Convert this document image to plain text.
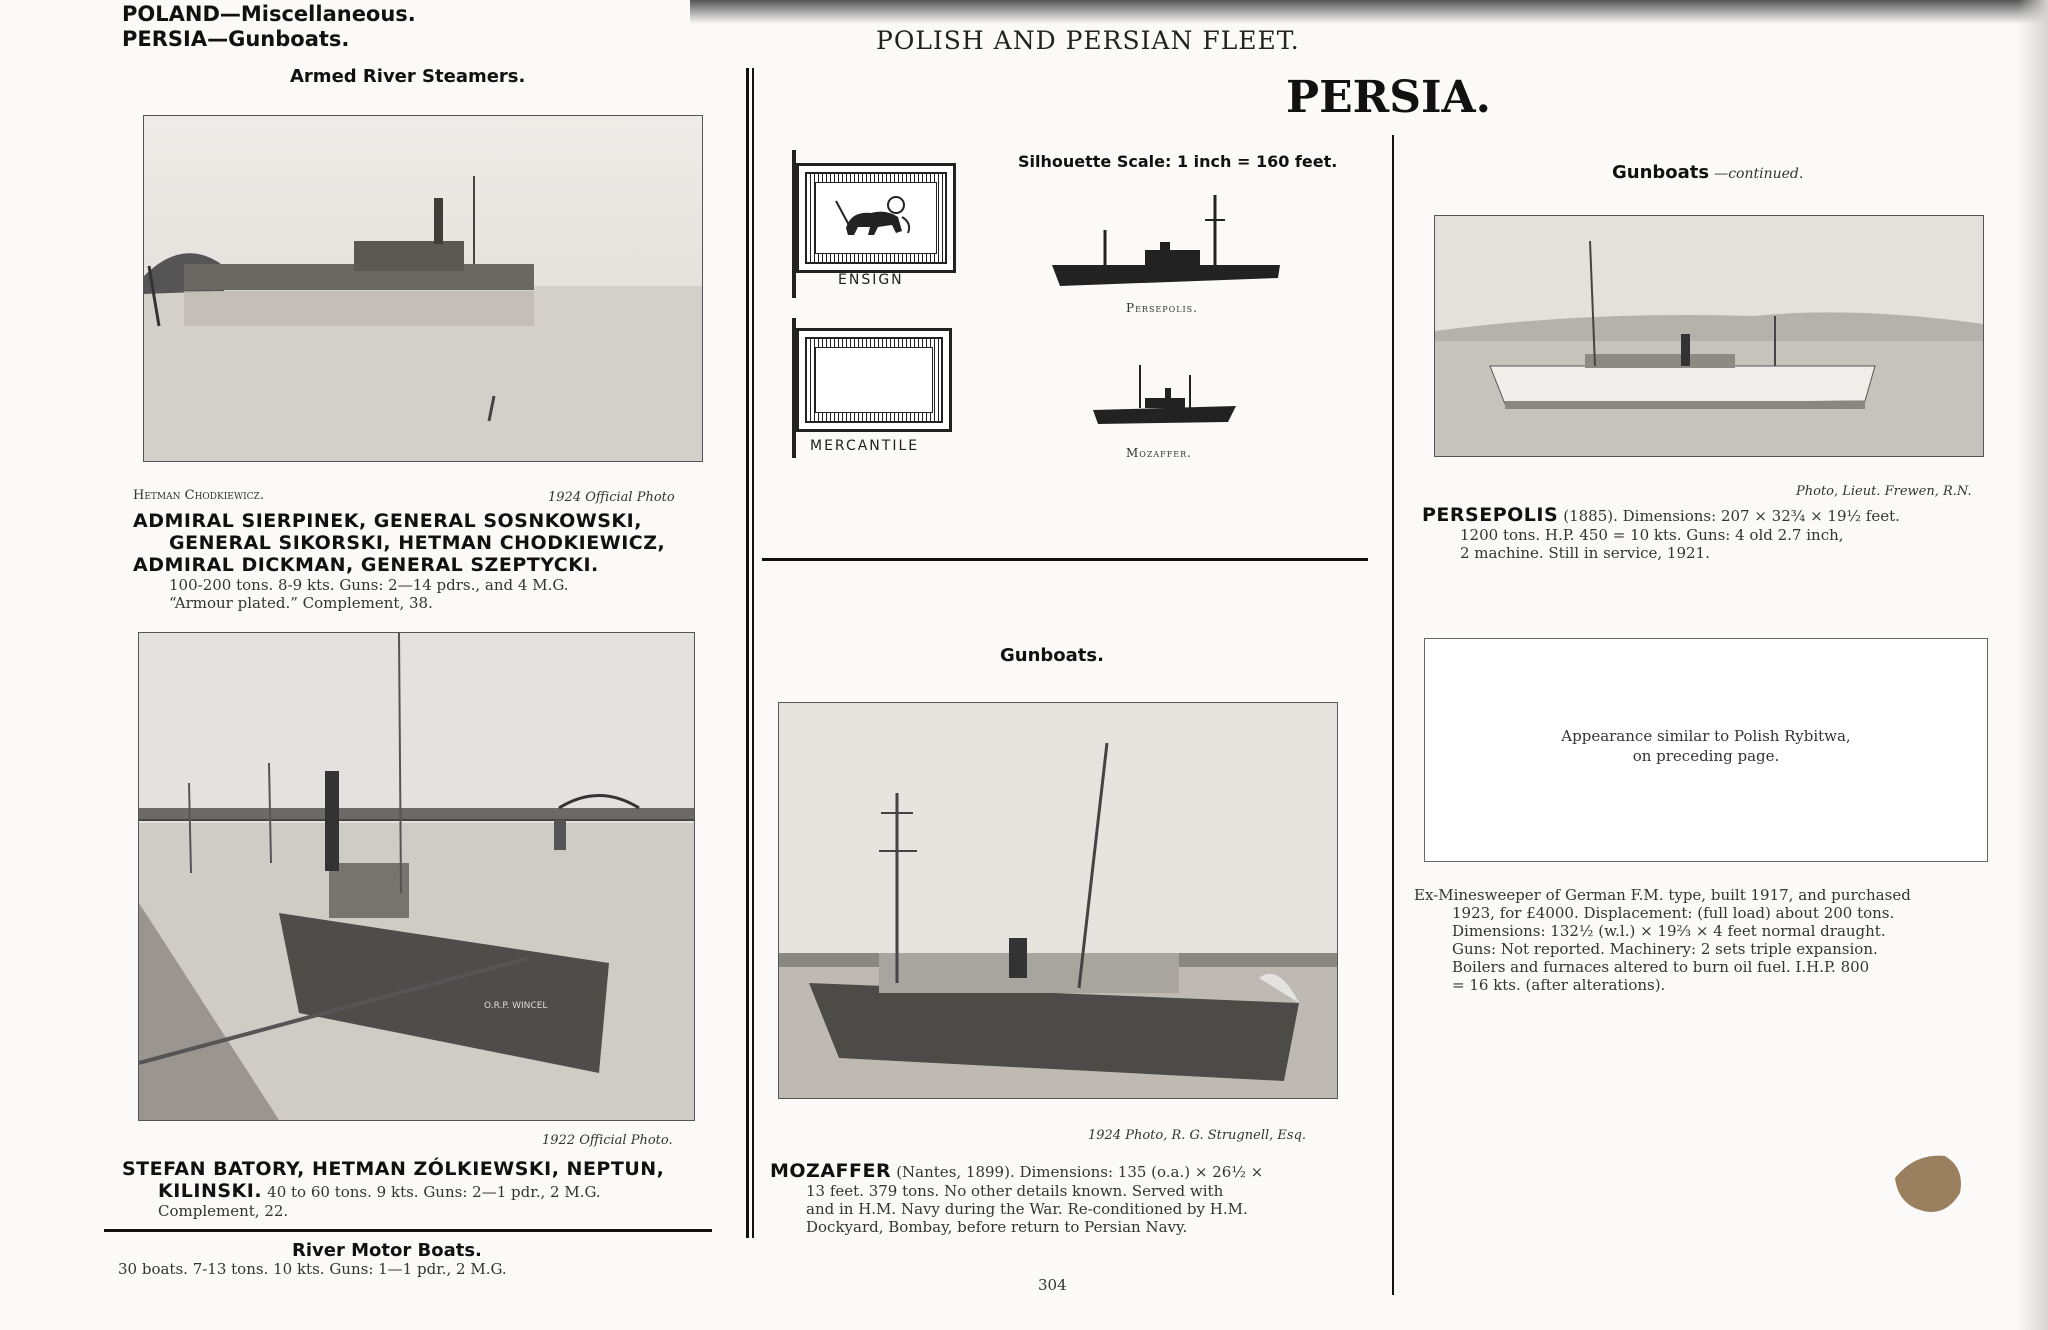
POLAND—Miscellaneous.
PERSIA—Gunboats.	POLISH AND PERSIAN FLEET.
PERSIA.
Armed River Steamers.
Hetman Chodkiewicz.	1924 Official Photo
ADMIRAL SIERPINEK, GENERAL SOSNKOWSKI,
GENERAL SIKORSKI, HETMAN CHODKIEWICZ,
ADMIRAL DICKMAN, GENERAL SZEPTYCKI.
100-200 tons. 8-9 kts. Guns: 2—14 pdrs., and 4 M.G.
“Armour plated.” Complement, 38.
O.R.P. WINCEL
1922 Official Photo.
STEFAN BATORY, HETMAN ZÓLKIEWSKI, NEPTUN,
KILINSKI. 40 to 60 tons. 9 kts. Guns: 2—1 pdr., 2 M.G.
Complement, 22.
River Motor Boats.
30 boats. 7-13 tons. 10 kts. Guns: 1—1 pdr., 2 M.G.
ENSIGN
MERCANTILE
Silhouette Scale: 1 inch = 160 feet.
Persepolis.
Mozaffer.
Gunboats.
1924 Photo, R. G. Strugnell, Esq.
MOZAFFER (Nantes, 1899). Dimensions: 135 (o.a.) × 26½ ×
13 feet. 379 tons. No other details known. Served with
and in H.M. Navy during the War. Re-conditioned by H.M.
Dockyard, Bombay, before return to Persian Navy.
304
Gunboats —continued.
Photo, Lieut. Frewen, R.N.
PERSEPOLIS (1885). Dimensions: 207 × 32¾ × 19½ feet.
1200 tons. H.P. 450 = 10 kts. Guns: 4 old 2.7 inch,
2 machine. Still in service, 1921.
Appearance similar to Polish Rybitwa,
on preceding page.
Ex-Minesweeper of German F.M. type, built 1917, and purchased
1923, for £4000. Displacement: (full load) about 200 tons.
Dimensions: 132½ (w.l.) × 19⅔ × 4 feet normal draught.
Guns: Not reported. Machinery: 2 sets triple expansion.
Boilers and furnaces altered to burn oil fuel. I.H.P. 800
= 16 kts. (after alterations).
